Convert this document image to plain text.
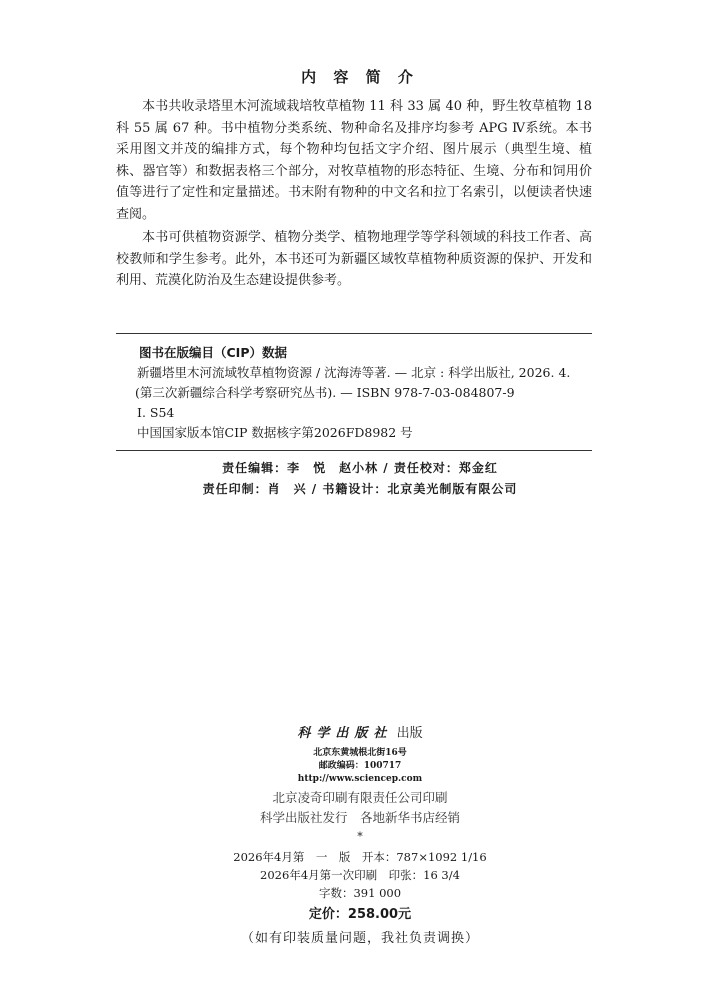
内 容 简 介

本书共收录塔里木河流域栽培牧草植物 11 科 33 属 40 种，野生牧草植物 18 科 55 属 67 种。书中植物分类系统、物种命名及排序均参考 APG Ⅳ系统。本书采用图文并茂的编排方式，每个物种均包括文字介绍、图片展示（典型生境、植株、器官等）和数据表格三个部分，对牧草植物的形态特征、生境、分布和饲用价值等进行了定性和定量描述。书末附有物种的中文名和拉丁名索引，以便读者快速查阅。

本书可供植物资源学、植物分类学、植物地理学等学科领域的科技工作者、高校教师和学生参考。此外，本书还可为新疆区域牧草植物种质资源的保护、开发和利用、荒漠化防治及生态建设提供参考。

图书在版编目（CIP）数据
新疆塔里木河流域牧草植物资源 / 沈海涛等著. — 北京 : 科学出版社, 2026. 4.
(第三次新疆综合科学考察研究丛书). — ISBN 978-7-03-084807-9
Ⅰ. S54
中国国家版本馆CIP 数据核字第2026FD8982 号
责任编辑：李　悦　赵小林 / 责任校对：郑金红
责任印制：肖　兴 / 书籍设计：北京美光制版有限公司
科学出版社 出版
北京东黄城根北街16号
邮政编码：100717
http://www.sciencep.com
北京凌奇印刷有限责任公司印刷
科学出版社发行　各地新华书店经销
*
2026年4月第　一　版　开本：787×1092 1/16
2026年4月第一次印刷　印张：16 3/4
字数：391 000
定价：258.00元
（如有印装质量问题，我社负责调换）
